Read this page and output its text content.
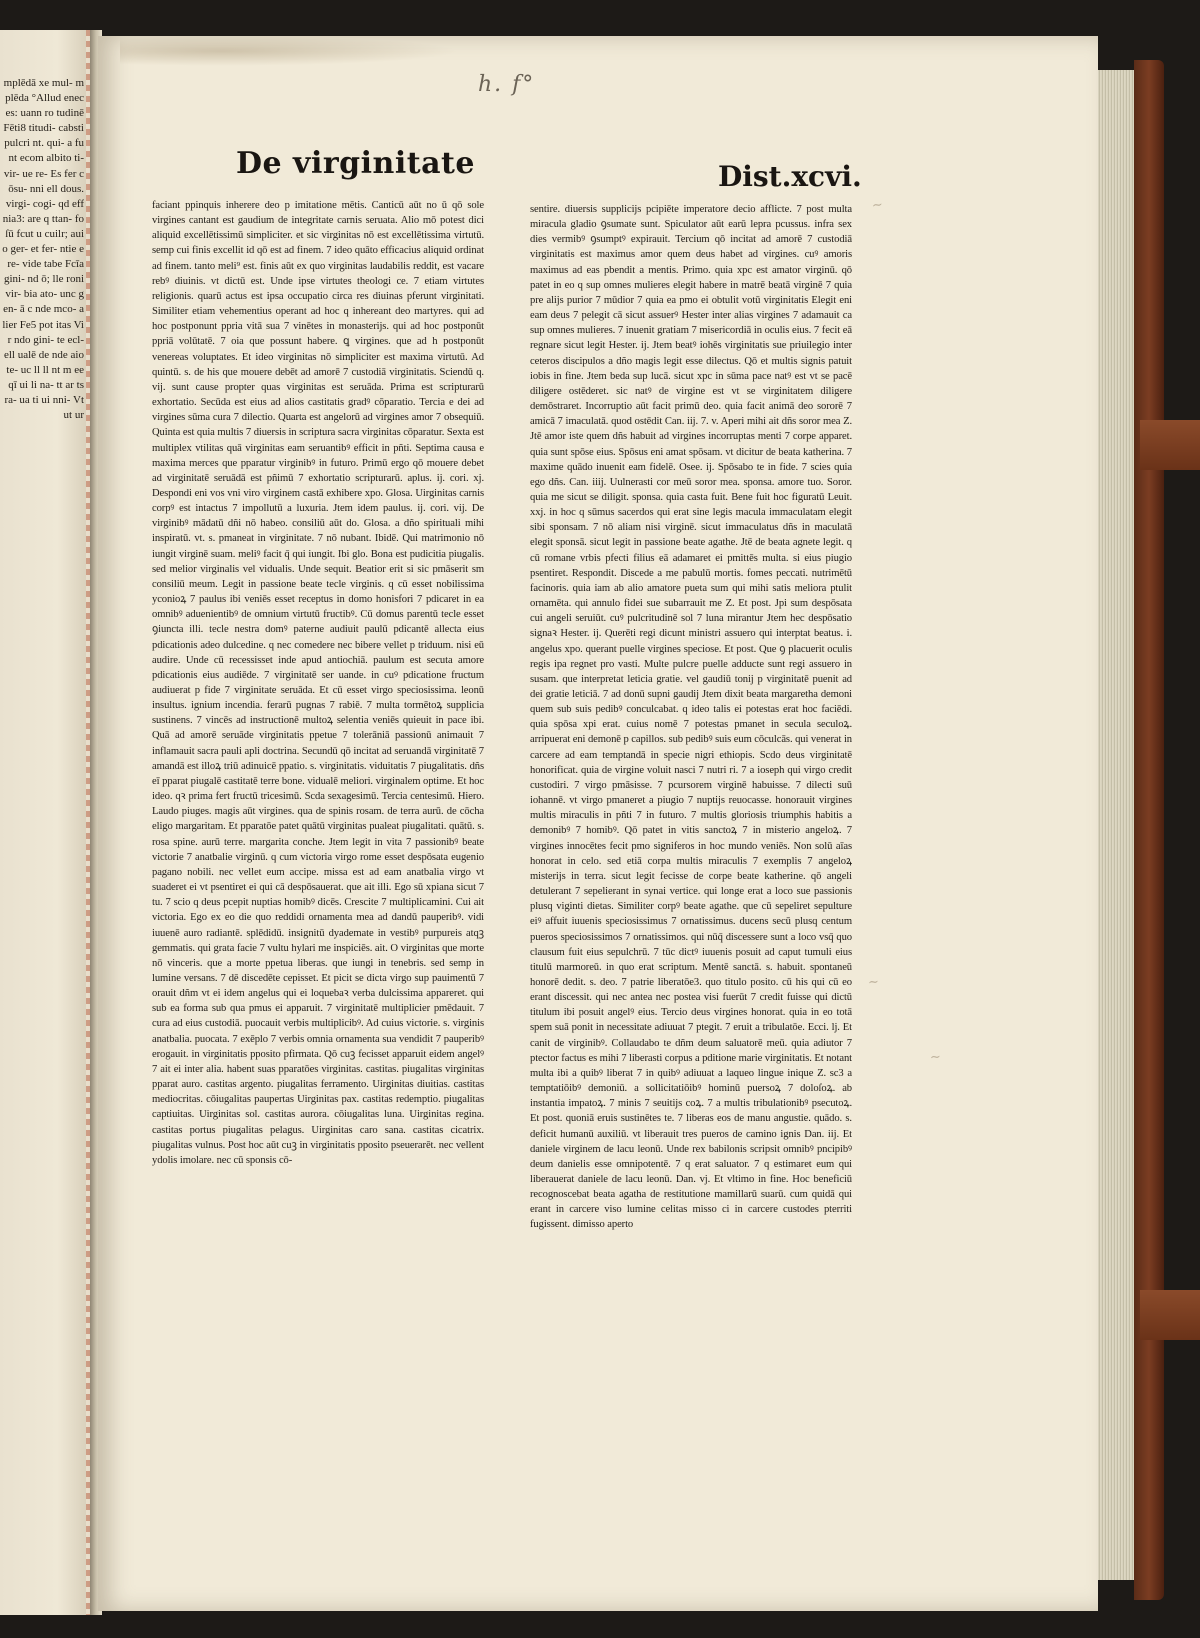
mplēdā xe mul- mplēda °Allud eneces: uann ro tudinē Fēti8 titudi- cabsti pulcri nt. qui- a funt ecom albito ti- vir- ue re- Es fer cōsu- nni ell dous. virgi- cogi- qd eff nia3: are q ttan- fo ſū fcut u cuilr; auio ger- et fer- ntie ere- vide tabe Fcīa gini- nd ō; lle roni vir- bia ato- unc gen- ā c nde mco- alier Fe5 pot itas Vir ndo gini- te ecl- ell ualē de nde aio te- uc ll ll nt m ee qī ui li na- tt ar ts ra- ua ti ui nni- Vt ut ur
h. f°
De virginitate	Dist.xcvi.

faciant ppinquis inherere deo p imitatione mētis. Canticū aūt no ū qō sole virgines cantant est gaudium de integritate carnis seruata. Alio mō potest dici aliquid excellētissimū simpliciter. et sic virginitas nō est excellētissima virtutū. semp cui finis excellit id qō est ad finem. 7 ideo quāto efficacius aliquid ordinat ad finem. tanto meli⁹ est. finis aūt ex quo virginitas laudabilis reddit, est vacare rebꝰ diuinis. vt dictū est. Unde ipse virtutes theologi ce. 7 etiam virtutes religionis. quarū actus est ipsa occupatio circa res diuinas pferunt virginitati. Similiter etiam vehementius operant ad hoc q inhereant deo martyres. qui ad hoc postponunt ppria vitā sua 7 vinētes in monasterijs. qui ad hoc postponūt ppriā volūtatē. 7 oia que possunt habere. ꝗ virgines. que ad h postponūt venereas voluptates. Et ideo virginitas nō simpliciter est maxima virtutū. Ad quintū. s. de his que mouere debēt ad amorē 7 custodiā virginitatis. Sciendū q. vij. sunt cause propter quas virginitas est seruāda. Prima est scripturarū exhortatio. Secūda est eius ad alios castitatis gradꝰ cōparatio. Tercia e dei ad virgines sūma cura 7 dilectio. Quarta est angelorū ad virgines amor 7 obsequiū. Quinta est quia multis 7 diuersis in scriptura sacra virginitas cōparatur. Sexta est multiplex vtilitas quā virginitas eam seruantibꝰ efficit in pñti. Septima causa e maxima merces que pparatur virginibꝰ in futuro. Primū ergo qō mouere debet ad virginitatē seruādā est pñimū 7 exhortatio scripturarū. aplus. ij. cori. xj. Despondi eni vos vni viro virginem castā exhibere xpo. Glosa. Uirginitas carnis corpꝰ est intactus 7 impollutū a luxuria. Jtem idem paulus. ij. cori. vij. De virginibꝰ mādatū dñi nō habeo. consiliū aūt do. Glosa. a dño spirituali mihi inspiratū. vt. s. pmaneat in virginitate. 7 nō nubant. Ibidē. Qui matrimonio nō iungit virginē suam. meliꝰ facit q̄ qui iungit. Ibi glo. Bona est pudicitia piugalis. sed melior virginalis vel vidualis. Unde sequit. Beatior erit si sic pmāserit sm consiliū meum. Legit in passione beate tecle virginis. q cū esset nobilissima yconioꝝ 7 paulus ibi veniēs esset receptus in domo honisfori 7 pdicaret in ea omnibꝰ aduenientibꝰ de omnium virtutū fructibꝰ. Cū domus parentū tecle esset ꝯiuncta illi. tecle nestra domꝰ paterne audiuit paulū pdicantē allecta eius pdicationis adeo dulcedine. q nec comedere nec bibere vellet p triduum. nisi eū audire. Unde cū recessisset inde apud antiochiā. paulum est secuta amore pdicationis eius audiēde. 7 virginitatē ser uande. in cuꝰ pdicatione fructum audiuerat p fide 7 virginitate seruāda. Et cū esset virgo speciosissima. leonū insultus. ignium incendia. ferarū pugnas 7 rabiē. 7 multa tormētoꝝ supplicia sustinens. 7 vincēs ad instructionē multoꝝ selentia veniēs quieuit in pace ibi. Quā ad amorē seruāde virginitatis ppetue 7 tolerāniā passionū animauit 7 inflamauit sacra pauli apli doctrina. Secundū qō incitat ad seruandā virginitatē 7 amandā est illoꝝ triū adinuicē ppatio. s. virginitatis. viduitatis 7 piugalitatis. dñs eī pparat piugalē castitatē terre bone. vidualē meliori. virginalem optime. Et hoc ideo. qꝛ prima fert fructū tricesimū. Scda sexagesimū. Tercia centesimū. Hiero. Laudo piuges. magis aūt virgines. qua de spinis rosam. de terra aurū. de cōcha eligo margaritam. Et pparatōe patet quātū virginitas pualeat piugalitati. quātū. s. rosa spine. aurū terre. margarita conche. Jtem legit in vita 7 passionibꝰ beate victorie 7 anatbalie virginū. q cum victoria virgo rome esset despōsata eugenio pagano nobili. nec vellet eum accipe. missa est ad eam anatbalia virgo vt suaderet ei vt psentiret ei qui cā despōsauerat. que ait illi. Ego sū xpiana sicut 7 tu. 7 scio q deus pcepit nuptias homibꝰ dicēs. Crescite 7 multiplicamini. Cui ait victoria. Ego ex eo die quo reddidi ornamenta mea ad dandū pauperibꝰ. vidi iuuenē auro radiantē. splēdidū. insignitū dyademate in vestibꝰ purpureis atqꝫ gemmatis. qui grata facie 7 vultu hylari me inspiciēs. ait. O virginitas que morte nō vinceris. que a morte ppetua liberas. que iungi in tenebris. sed semp in lumine versans. 7 dē discedēte cepisset. Et picit se dicta virgo sup pauimentū 7 orauit dñm vt ei idem angelus qui ei loquebaꝛ verba dulcissima appareret. qui sub ea forma sub qua pmus ei apparuit. 7 virginitatē multiplicier pmēdauit. 7 cura ad eius custodiā. puocauit verbis multiplicibꝰ. Ad cuius victorie. s. virginis anatbalia. puocata. 7 exēplo 7 verbis omnia ornamenta sua vendidit 7 pauperibꝰ erogauit. in virginitatis pposito pfirmata. Qō cuꝫ fecisset apparuit eidem angelꝰ 7 ait ei inter alia. habent suas pparatōes virginitas. castitas. piugalitas virginitas pparat auro. castitas argento. piugalitas ferramento. Uirginitas diuitias. castitas mediocritas. cōiugalitas paupertas Uirginitas pax. castitas redemptio. piugalitas captiuitas. Uirginitas sol. castitas aurora. cōiugalitas luna. Uirginitas regina. castitas portus piugalitas pelagus. Uirginitas caro sana. castitas cicatrix. piugalitas vulnus. Post hoc aūt cuꝫ in virginitatis pposito pseuerarēt. nec vellent ydolis imolare. nec cū sponsis cō-

sentire. diuersis supplicijs pcipiēte imperatore decio afflicte. 7 post multa miracula gladio ꝯsumate sunt. Spiculator aūt earū lepra pcussus. infra sex dies vermibꝰ ꝯsumptꝰ expirauit. Tercium qō incitat ad amorē 7 custodiā virginitatis est maximus amor quem deus habet ad virgines. cuꝰ amoris maximus ad eas pbendit a mentis. Primo. quia xpc est amator virginū. qō patet in eo q sup omnes mulieres elegit habere in matrē beatā virginē 7 quia pre alijs purior 7 mūdior 7 quia ea pmo ei obtulit votū virginitatis Elegit eni eam deus 7 pelegit cā sicut assuerꝰ Hester inter alias virgines 7 adamauit ca sup omnes mulieres. 7 inuenit gratiam 7 misericordiā in oculis eius. 7 fecit eā regnare sicut legit Hester. ij. Jtem beatꝰ iohēs virginitatis sue priuilegio inter ceteros discipulos a dño magis legit esse dilectus. Qō et multis signis patuit iobis in fine. Jtem beda sup lucā. sicut xpc in sūma pace natꝰ est vt se pacē diligere ostēderet. sic natꝰ de virgine est vt se virginitatem diligere demōstraret. Incorruptio aūt facit primū deo. quia facit animā deo sororē 7 amicā 7 imaculatā. quod ostēdit Can. iij. 7. v. Aperi mihi ait dñs soror mea Z. Jtē amor iste quem dñs habuit ad virgines incorruptas menti 7 corpe apparet. quia sunt spōse eius. Spōsus eni amat spōsam. vt dicitur de beata katherina. 7 maxime quādo inuenit eam fidelē. Osee. ij. Spōsabo te in fide. 7 scies quia ego dñs. Can. iiij. Uulnerasti cor meū soror mea. sponsa. amore tuo. Soror. quia me sicut se diligit. sponsa. quia casta fuit. Bene fuit hoc figuratū Leuit. xxj. in hoc q sūmus sacerdos qui erat sine legis macula immaculatam elegit sibi sponsam. 7 nō aliam nisi virginē. sicut immaculatus dñs in maculatā elegit sponsā. sicut legit in passione beate agathe. Jtē de beata agnete legit. q cū romane vrbis pfecti filius eā adamaret ei pmittēs multa. si eius piugio psentiret. Respondit. Discede a me pabulū mortis. fomes peccati. nutrimētū facinoris. quia iam ab alio amatore pueta sum qui mihi satis meliora ptulit ornamēta. qui annulo fidei sue subarrauit me Z. Et post. Jpi sum despōsata cui angeli seruiūt. cuꝰ pulcritudinē sol 7 luna mirantur Jtem hec despōsatio signaꝛ Hester. ij. Querēti regi dicunt ministri assuero qui interptat beatus. i. angelus xpo. querant puelle virgines speciose. Et post. Que ꝯ placuerit oculis regis ipa regnet pro vasti. Multe pulcre puelle adducte sunt regi assuero in susam. que interpretat leticia gratie. vel gaudiū tonij p virginitatē puenit ad dei gratie leticiā. 7 ad donū supni gaudij Jtem dixit beata margaretha demoni quem sub suis pedibꝰ conculcabat. q ideo talis ei potestas erat hoc faciēdi. quia spōsa xpi erat. cuius nomē 7 potestas pmanet in secula seculoꝝ. arripuerat eni demonē p capillos. sub pedibꝰ suis eum cōculcās. qui venerat in carcere ad eam temptandā in specie nigri ethiopis. Scdo deus virginitatē honorificat. quia de virgine voluit nasci 7 nutri ri. 7 a ioseph qui virgo credit custodiri. 7 virgo pmāsisse. 7 pcursorem virginē habuisse. 7 dilecti suū iohannē. vt virgo pmaneret a piugio 7 nuptijs reuocasse. honorauit virgines multis miraculis in pñti 7 in futuro. 7 multis gloriosis triumphis habitis a demonibꝰ 7 homibꝰ. Qō patet in vitis sanctoꝝ 7 in misterio angeloꝝ. 7 virgines innocētes fecit pmo signiferos in hoc mundo veniēs. Non solū aīas honorat in celo. sed etiā corpa multis miraculis 7 exemplis 7 angeloꝝ misterijs in terra. sicut legit fecisse de corpe beate katherine. qō angeli detulerant 7 sepelierant in synai vertice. qui longe erat a loco sue passionis plusq viginti dietas. Similiter corpꝰ beate agathe. que cū sepeliret sepulture eiꝰ affuit iuuenis speciosissimus 7 ornatissimus. ducens secū plusq centum pueros speciosissimos 7 ornatissimos. qui nūq̄ discessere sunt a loco vsq̄ quo clausum fuit eius sepulchrū. 7 tūc dictꝰ iuuenis posuit ad caput tumuli eius titulū marmoreū. in quo erat scriptum. Mentē sanctā. s. habuit. spontaneū honorē dedit. s. deo. 7 patrie liberatōe3. quo titulo posito. cū his qui cū eo erant discessit. qui nec antea nec postea visi fuerūt 7 credit fuisse qui dictū titulum ibi posuit angelꝰ eius. Tercio deus virgines honorat. quia in eo totā spem suā ponit in necessitate adiuuat 7 ptegit. 7 eruit a tribulatōe. Ecci. lj. Et canit de virginibꝰ. Collaudabo te dñm deum saluatorē meū. quia adiutor 7 ptector factus es mihi 7 liberasti corpus a pditione marie virginitatis. Et notant multa ibi a quibꝰ liberat 7 in quibꝰ adiuuat a laqueo lingue inique Z. sc3 a temptatiōibꝰ demoniū. a sollicitatiōibꝰ hominū puersoꝝ 7 doloſoꝝ. ab instantia impatoꝝ. 7 minis 7 seuitijs coꝝ. 7 a multis tribulationibꝰ psecutoꝝ. Et post. quoniā eruis sustinētes te. 7 liberas eos de manu angustie. quādo. s. deficit humanū auxiliū. vt liberauit tres pueros de camino ignis Dan. iij. Et daniele virginem de lacu leonū. Unde rex babilonis scripsit omnibꝰ pncipibꝰ deum danielis esse omnipotentē. 7 q erat saluator. 7 q estimaret eum qui liberauerat daniele de lacu leonū. Dan. vj. Et vltimo in fine. Hoc beneficiū recognoscebat beata agatha de restitutione mamillarū suarū. cum quidā qui erant in carcere viso lumine celitas misso ci in carcere custodes pterriti fugissent. dimisso aperto

~
~
~
